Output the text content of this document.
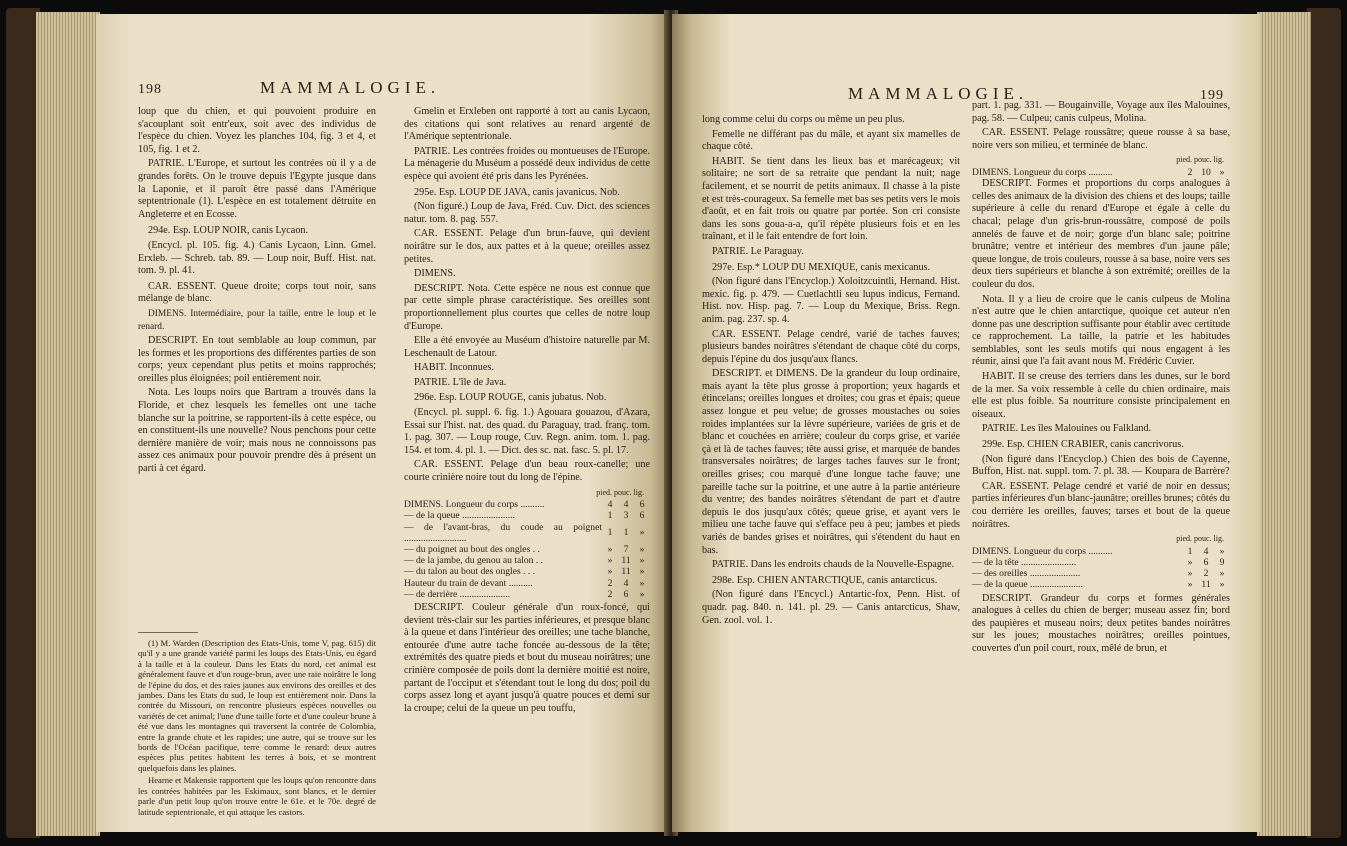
198	MAMMALOGIE.

loup que du chien, et qui pouvoient produire en s'acouplant soit entr'eux, soit avec des individus de l'espèce du chien. Voyez les planches 104, fig. 3 et 4, et 105, fig. 1 et 2.

PATRIE. L'Europe, et surtout les contrées où il y a de grandes forêts. On le trouve depuis l'Egypte jusque dans la Laponie, et il paroît être passé dans l'Amérique septentrionale (1). L'espèce en est totalement détruite en Angleterre et en Ecosse.

294e. Esp. LOUP NOIR, canis Lycaon.

(Encycl. pl. 105. fig. 4.) Canis Lycaon, Linn. Gmel. Erxleb. — Schreb. tab. 89. — Loup noir, Buff. Hist. nat. tom. 9. pl. 41.

CAR. ESSENT. Queue droite; corps tout noir, sans mélange de blanc.

DIMENS. Intermédiaire, pour la taille, entre le loup et le renard.

DESCRIPT. En tout semblable au loup commun, par les formes et les proportions des différentes parties de son corps; yeux cependant plus petits et moins rapprochés; oreilles plus éloignées; poil entièrement noir.

Nota. Les loups noirs que Bartram a trouvés dans la Floride, et chez lesquels les femelles ont une tache blanche sur la poitrine, se rapportent-ils à cette espèce, ou en constituent-ils une nouvelle? Nous penchons pour cette dernière manière de voir; mais nous ne connoissons pas assez ces animaux pour pouvoir prendre dès à présent un parti à cet égard.

(1) M. Warden (Description des Etats-Unis, tome V, pag. 615) dit qu'il y a une grande variété parmi les loups des Etats-Unis, eu égard à la taille et à la couleur. Dans les Etats du nord, cet animal est généralement fauve et d'un rouge-brun, avec une raie noirâtre le long de l'épine du dos, et des raies jaunes aux environs des oreilles et des jambes. Dans les Etats du sud, le loup est entièrement noir. Dans la contrée du Missouri, on rencontre plusieurs espèces nouvelles ou variétés de cet animal; l'une d'une taille forte et d'une couleur brune à été vue dans les montagnes qui traversent la contrée de Colombia, entre la grande chute et les rapides; une autre, qui se trouve sur les bords de l'Océan pacifique, terre comme le renard: deux autres espèces plus petites habitent les terres à bois, et se montrent quelquefois dans les plaines.

Hearne et Makensie rapportent que les loups qu'on rencontre dans les contrées habitées par les Eskimaux, sont blancs, et le dernier parle d'un petit loup qu'on trouve entre le 61e. et le 70e. degré de latitude septentrionale, et qui attaque les castors.

Gmelin et Erxleben ont rapporté à tort au canis Lycaon, des citations qui sont relatives au renard argenté de l'Amérique septentrionale.

PATRIE. Les contrées froides ou montueuses de l'Europe. La ménagerie du Muséum a possédé deux individus de cette espèce qui avoient été pris dans les Pyrénées.

295e. Esp. LOUP DE JAVA, canis javanicus. Nob.

(Non figuré.) Loup de Java, Fréd. Cuv. Dict. des sciences natur. tom. 8. pag. 557.

CAR. ESSENT. Pelage d'un brun-fauve, qui devient noirâtre sur le dos, aux pattes et à la queue; oreilles assez petites.

DIMENS.

DESCRIPT. Nota. Cette espèce ne nous est connue que par cette simple phrase caractéristique. Ses oreilles sont proportionnellement plus courtes que celles de notre loup d'Europe.

Elle a été envoyée au Muséum d'histoire naturelle par M. Leschenault de Latour.

HABIT. Inconnues.

PATRIE. L'île de Java.

296e. Esp. LOUP ROUGE, canis jubatus. Nob.

(Encycl. pl. suppl. 6. fig. 1.) Agouara gouazou, d'Azara, Essai sur l'hist. nat. des quad. du Paraguay, trad. franç. tom. 1. pag. 307. — Loup rouge, Cuv. Regn. anim. tom. 1. pag. 154. et tom. 4. pl. 1. — Dict. des sc. nat. fasc. 5. pl. 17.

CAR. ESSENT. Pelage d'un beau roux-canelle; une courte crinière noire tout du long de l'épine.

pied. pouc. lig.
DIMENS. Longueur du corps ..........	4	4	6
— de la queue ......................	1	3	6
— de l'avant-bras, du coude au poignet ..........................	1	1	»
— du poignet au bout des ongles . .	»	7	»
— de la jambe, du genou au talon . .	»	11	»
— du talon au bout des ongles . . .	»	11	»
Hauteur du train de devant ..........	2	4	»
— de derrière .....................	2	6	»

DESCRIPT. Couleur générale d'un roux-foncé, qui devient très-clair sur les parties inférieures, et presque blanc à la queue et dans l'intérieur des oreilles; une tache blanche, entourée d'une autre tache foncée au-dessous de la tête; extrémités des quatre pieds et bout du museau noirâtres; une crinière composée de poils dont la dernière moitié est noire, partant de l'occiput et s'étendant tout le long du dos; poil du corps assez long et ayant jusqu'à quatre pouces et demi sur la croupe; celui de la queue un peu touffu,

MAMMALOGIE.	199

long comme celui du corps ou même un peu plus.

Femelle ne différant pas du mâle, et ayant six mamelles de chaque côté.

HABIT. Se tient dans les lieux bas et marécageux; vit solitaire; ne sort de sa retraite que pendant la nuit; nage facilement, et se nourrit de petits animaux. Il chasse à la piste et est très-courageux. Sa femelle met bas ses petits vers le mois d'août, et en fait trois ou quatre par portée. Son cri consiste dans les sons goua-a-a, qu'il répète plusieurs fois et en les traînant, et il le fait entendre de fort loin.

PATRIE. Le Paraguay.

297e. Esp.* LOUP DU MEXIQUE, canis mexicanus.

(Non figuré dans l'Encyclop.) Xoloitzcuintli, Hernand. Hist. mexic. fig. p. 479. — Cuetlachtli seu lupus indicus, Fernand. Hist. nov. Hisp. pag. 7. — Loup du Mexique, Briss. Regn. anim. pag. 237. sp. 4.

CAR. ESSENT. Pelage cendré, varié de taches fauves; plusieurs bandes noirâtres s'étendant de chaque côté du corps, depuis l'épine du dos jusqu'aux flancs.

DESCRIPT. et DIMENS. De la grandeur du loup ordinaire, mais ayant la tête plus grosse à proportion; yeux hagards et étincelans; oreilles longues et droites; cou gras et épais; queue assez longue et peu velue; de grosses moustaches ou soies roides implantées sur la lèvre supérieure, variées de gris et de blanc et couchées en arrière; couleur du corps grise, et variée çà et là de taches fauves; tête aussi grise, et marquée de bandes transversales noirâtres; de larges taches fauves sur le front; oreilles grises; cou marqué d'une longue tache fauve; une pareille tache sur la poitrine, et une autre à la partie antérieure du ventre; des bandes noirâtres s'étendant de part et d'autre depuis le dos jusqu'aux côtés; queue grise, et ayant vers le milieu une tache fauve qui s'efface peu à peu; jambes et pieds variés de bandes grises et noirâtres, qui s'étendent du haut en bas.

PATRIE. Dans les endroits chauds de la Nouvelle-Espagne.

298e. Esp. CHIEN ANTARCTIQUE, canis antarcticus.

(Non figuré dans l'Encycl.) Antartic-fox, Penn. Hist. of quadr. pag. 840. n. 141. pl. 29. — Canis antarcticus, Shaw, Gen. zool. vol. 1.

part. 1. pag. 331. — Bougainville, Voyage aux îles Malouines, pag. 58. — Culpeu; canis culpeus, Molina.

CAR. ESSENT. Pelage roussâtre; queue rousse à sa base, noire vers son milieu, et terminée de blanc.

pied. pouc. lig.
DIMENS. Longueur du corps ..........	2	10	»

DESCRIPT. Formes et proportions du corps analogues à celles des animaux de la division des chiens et des loups; taille supérieure à celle du renard d'Europe et égale à celle du chacal; pelage d'un gris-brun-roussâtre, composé de poils annelés de fauve et de noir; gorge d'un blanc sale; poitrine brunâtre; ventre et intérieur des membres d'un jaune pâle; queue longue, de trois couleurs, rousse à sa base, noire vers ses deux tiers supérieurs et blanche à son extrémité; oreilles de la couleur du dos.

Nota. Il y a lieu de croire que le canis culpeus de Molina n'est autre que le chien antarctique, quoique cet auteur n'en donne pas une description suffisante pour établir avec certitude ce rapprochement. La taille, la patrie et les habitudes semblables, sont les seuls motifs qui nous engagent à les réunir, ainsi que l'a fait avant nous M. Frédéric Cuvier.

HABIT. Il se creuse des terriers dans les dunes, sur le bord de la mer. Sa voix ressemble à celle du chien ordinaire, mais elle est plus foible. Sa nourriture consiste principalement en oiseaux.

PATRIE. Les îles Malouines ou Falkland.

299e. Esp. CHIEN CRABIER, canis cancrivorus.

(Non figuré dans l'Encyclop.) Chien des bois de Cayenne, Buffon, Hist. nat. suppl. tom. 7. pl. 38. — Koupara de Barrère?

CAR. ESSENT. Pelage cendré et varié de noir en dessus; parties inférieures d'un blanc-jaunâtre; oreilles brunes; côtés du cou derrière les oreilles, fauves; tarses et bout de la queue noirâtres.

pied. pouc. lig.
DIMENS. Longueur du corps ..........	1	4	»
— de la tête .......................	»	6	9
— des oreilles .....................	»	2	»
— de la queue ......................	»	11	»

DESCRIPT. Grandeur du corps et formes générales analogues à celles du chien de berger; museau assez fin; bord des paupières et museau noirs; deux petites bandes noirâtres sur les joues; moustaches noirâtres; oreilles pointues, couvertes d'un poil court, roux, mêlé de brun, et
